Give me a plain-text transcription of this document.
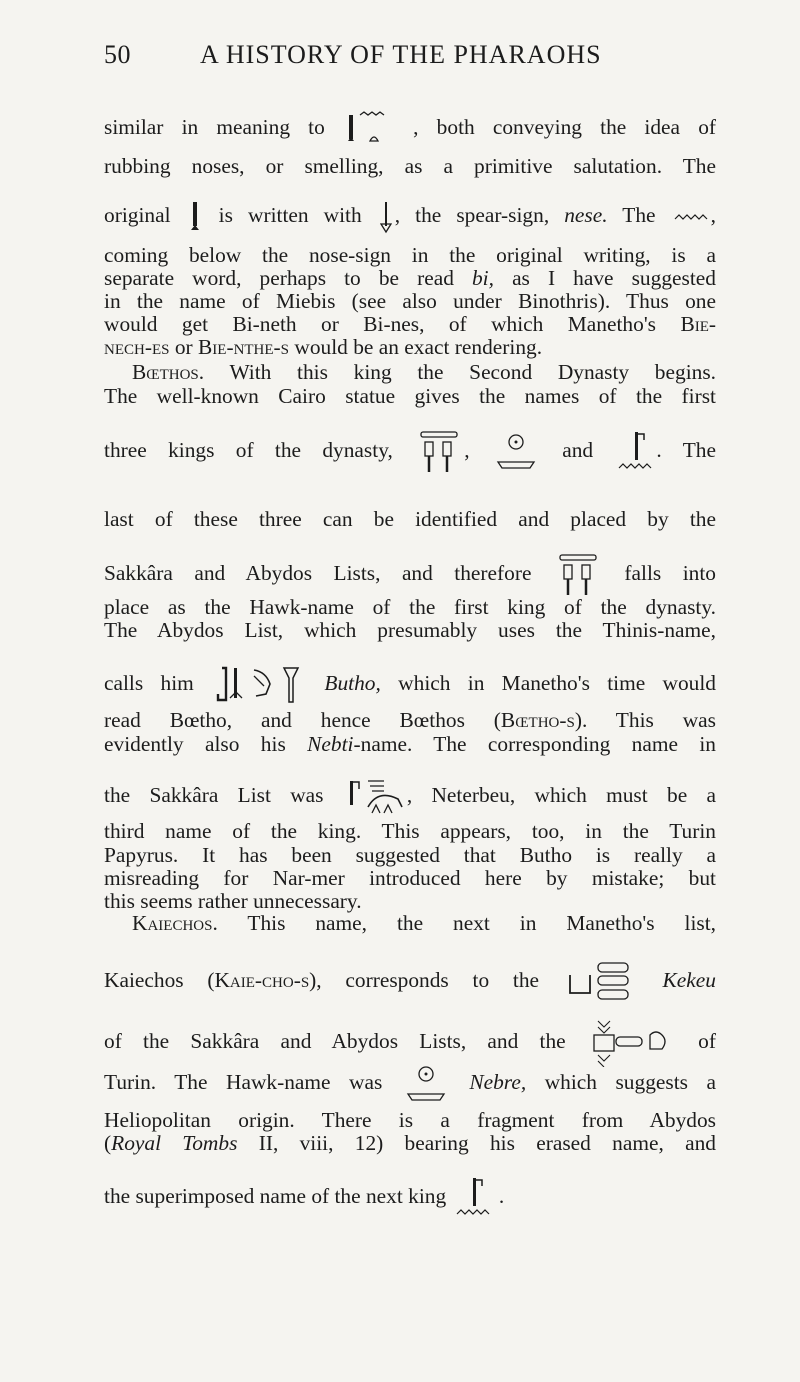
50	A HISTORY OF THE PHARAOHS
similar in meaning to	, both conveying the idea of
rubbing noses, or smelling, as a primitive salutation. The
original is written with , the spear-sign, nese. The	,
coming below the nose-sign in the original writing, is a
separate word, perhaps to be read bi, as I have suggested
in the name of Miebis (see also under Binothris). Thus one
would get Bi-neth or Bi-nes, of which Manetho's Bie-
nech-es or Bie-nthe-s would be an exact rendering.
Bœthos. With this king the Second Dynasty begins.
The well-known Cairo statue gives the names of the first
three kings of the dynasty,	,	and	. The
last of these three can be identified and placed by the
Sakkâra and Abydos Lists, and therefore	falls into
place as the Hawk-name of the first king of the dynasty.
The Abydos List, which presumably uses the Thinis-name,
calls him	Butho, which in Manetho's time would
read Bœtho, and hence Bœthos (Bœtho-s). This was
evidently also his Nebti-name. The corresponding name in
the Sakkâra List was	, Neterbeu, which must be a
third name of the king. This appears, too, in the Turin
Papyrus. It has been suggested that Butho is really a
misreading for Nar-mer introduced here by mistake; but
this seems rather unnecessary.
Kaiechos. This name, the next in Manetho's list,
Kaiechos (Kaie-cho-s), corresponds to the	Kekeu
of the Sakkâra and Abydos Lists, and the	of
Turin. The Hawk-name was	Nebre, which suggests a
Heliopolitan origin. There is a fragment from Abydos
(Royal Tombs II, viii, 12) bearing his erased name, and
the superimposed name of the next king .
